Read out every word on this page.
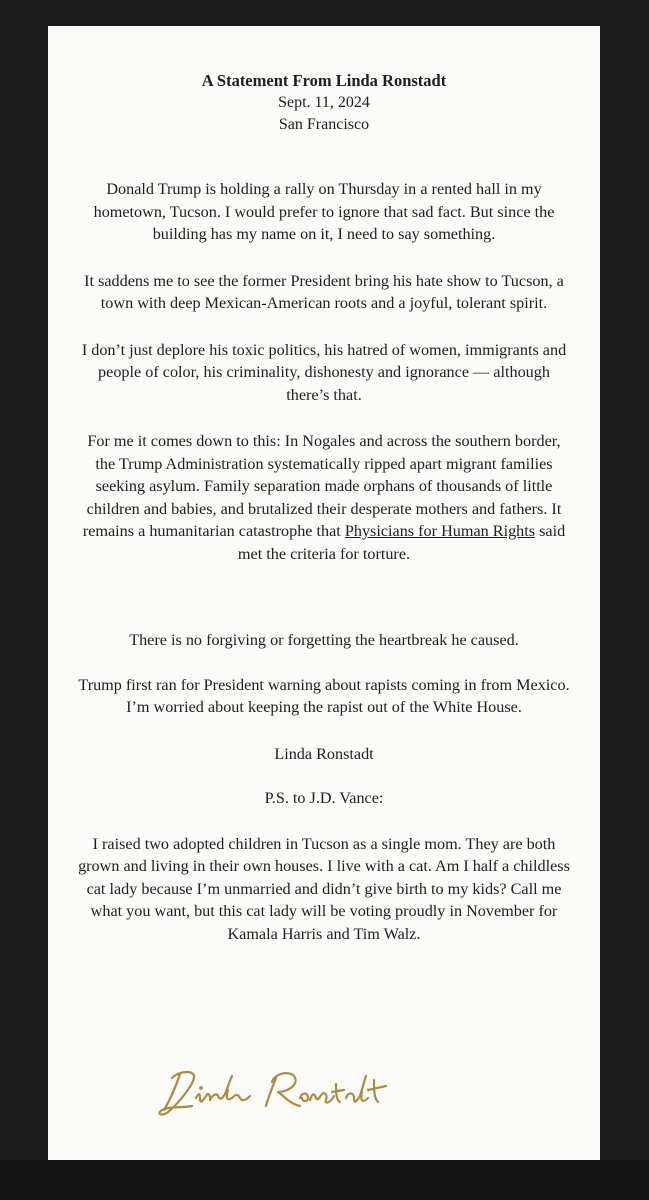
A Statement From Linda Ronstadt
Sept. 11, 2024
San Francisco

Donald Trump is holding a rally on Thursday in a rented hall in my hometown, Tucson. I would prefer to ignore that sad fact. But since the building has my name on it, I need to say something.

It saddens me to see the former President bring his hate show to Tucson, a town with deep Mexican-American roots and a joyful, tolerant spirit.

I don’t just deplore his toxic politics, his hatred of women, immigrants and people of color, his criminality, dishonesty and ignorance — although there’s that.

For me it comes down to this: In Nogales and across the southern border, the Trump Administration systematically ripped apart migrant families seeking asylum. Family separation made orphans of thousands of little children and babies, and brutalized their desperate mothers and fathers. It remains a humanitarian catastrophe that Physicians for Human Rights said met the criteria for torture.

There is no forgiving or forgetting the heartbreak he caused.

Trump first ran for President warning about rapists coming in from Mexico. I’m worried about keeping the rapist out of the White House.

Linda Ronstadt
P.S. to J.D. Vance:

I raised two adopted children in Tucson as a single mom. They are both grown and living in their own houses. I live with a cat. Am I half a childless cat lady because I’m unmarried and didn’t give birth to my kids? Call me what you want, but this cat lady will be voting proudly in November for Kamala Harris and Tim Walz.
